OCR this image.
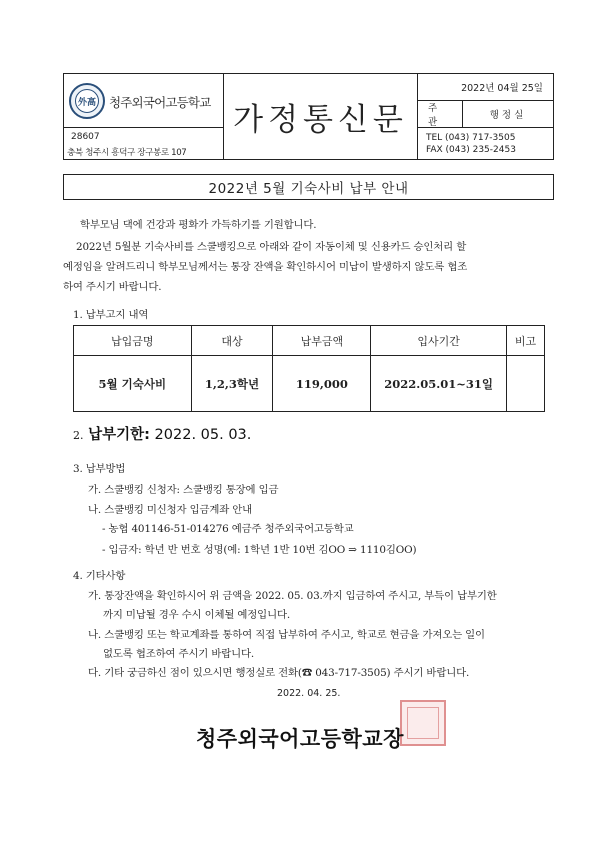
外高 청주외국어고등학교
28607
충북 청주시 흥덕구 장구봉로 107
가정통신문
2022년 04월 25일
주관
행정실
TEL (043) 717-3505
FAX (043) 235-2453
2022년 5월 기숙사비 납부 안내
학부모님 댁에 건강과 평화가 가득하기를 기원합니다.
2022년 5월분 기숙사비를 스쿨뱅킹으로 아래와 같이 자동이체 및 신용카드 승인처리 할
예정임을 알려드리니 학부모님께서는 통장 잔액을 확인하시어 미납이 발생하지 않도록 협조
하여 주시기 바랍니다.
1. 납부고지 내역
납입금명	대상	납부금액	입사기간	비고
5월 기숙사비	1,2,3학년	119,000	2022.05.01~31일	
2. 납부기한: 2022. 05. 03.
3. 납부방법
가. 스쿨뱅킹 신청자: 스쿨뱅킹 통장에 입금
나. 스쿨뱅킹 미신청자 입금계좌 안내
- 농협 401146-51-014276 예금주 청주외국어고등학교
- 입금자: 학년 반 번호 성명(예: 1학년 1반 10번 김OO ⇒ 1110김OO)
4. 기타사항
가. 통장잔액을 확인하시어 위 금액을 2022. 05. 03.까지 입금하여 주시고, 부득이 납부기한
까지 미납될 경우 수시 이체될 예정입니다.
나. 스쿨뱅킹 또는 학교계좌를 통하여 직접 납부하여 주시고, 학교로 현금을 가져오는 일이
없도록 협조하여 주시기 바랍니다.
다. 기타 궁금하신 점이 있으시면 행정실로 전화(☎ 043-717-3505) 주시기 바랍니다.
2022. 04. 25.
청주외국어고등학교장
